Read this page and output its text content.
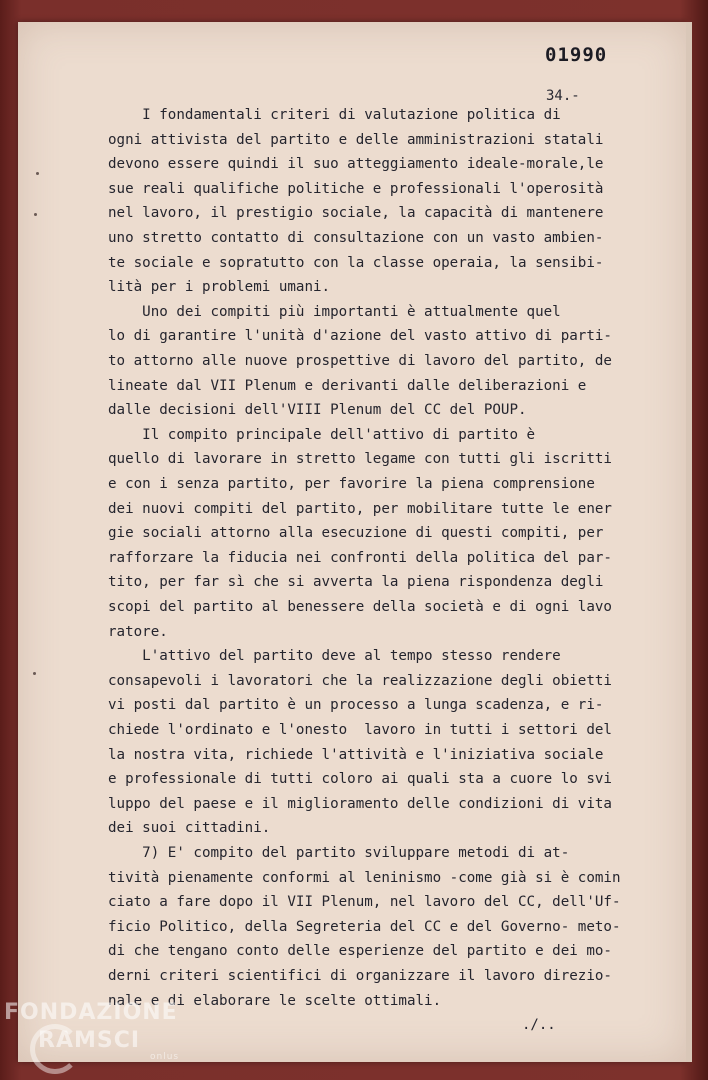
01990
34.-
I fondamentali criteri di valutazione politica di
ogni attivista del partito e delle amministrazioni statali
devono essere quindi il suo atteggiamento ideale-morale,le
sue reali qualifiche politiche e professionali l'operosità
nel lavoro, il prestigio sociale, la capacità di mantenere
uno stretto contatto di consultazione con un vasto ambien-
te sociale e sopratutto con la classe operaia, la sensibi-
lità per i problemi umani.
Uno dei compiti più importanti è attualmente quel
lo di garantire l'unità d'azione del vasto attivo di parti-
to attorno alle nuove prospettive di lavoro del partito, de
lineate dal VII Plenum e derivanti dalle deliberazioni e
dalle decisioni dell'VIII Plenum del CC del POUP.
Il compito principale dell'attivo di partito è
quello di lavorare in stretto legame con tutti gli iscritti
e con i senza partito, per favorire la piena comprensione
dei nuovi compiti del partito, per mobilitare tutte le ener
gie sociali attorno alla esecuzione di questi compiti, per
rafforzare la fiducia nei confronti della politica del par-
tito, per far sì che si avverta la piena rispondenza degli
scopi del partito al benessere della società e di ogni lavo
ratore.
L'attivo del partito deve al tempo stesso rendere
consapevoli i lavoratori che la realizzazione degli obietti
vi posti dal partito è un processo a lunga scadenza, e ri-
chiede l'ordinato e l'onesto  lavoro in tutti i settori del
la nostra vita, richiede l'attività e l'iniziativa sociale
e professionale di tutti coloro ai quali sta a cuore lo svi
luppo del paese e il miglioramento delle condizioni di vita
dei suoi cittadini.
7) E' compito del partito sviluppare metodi di at-
tività pienamente conformi al leninismo -come già si è comin
ciato a fare dopo il VII Plenum, nel lavoro del CC, dell'Uf-
ficio Politico, della Segreteria del CC e del Governo- meto-
di che tengano conto delle esperienze del partito e dei mo-
derni criteri scientifici di organizzare il lavoro direzio-
nale e di elaborare le scelte ottimali.
./..
FONDAZIONE
RAMSCI
onlus
